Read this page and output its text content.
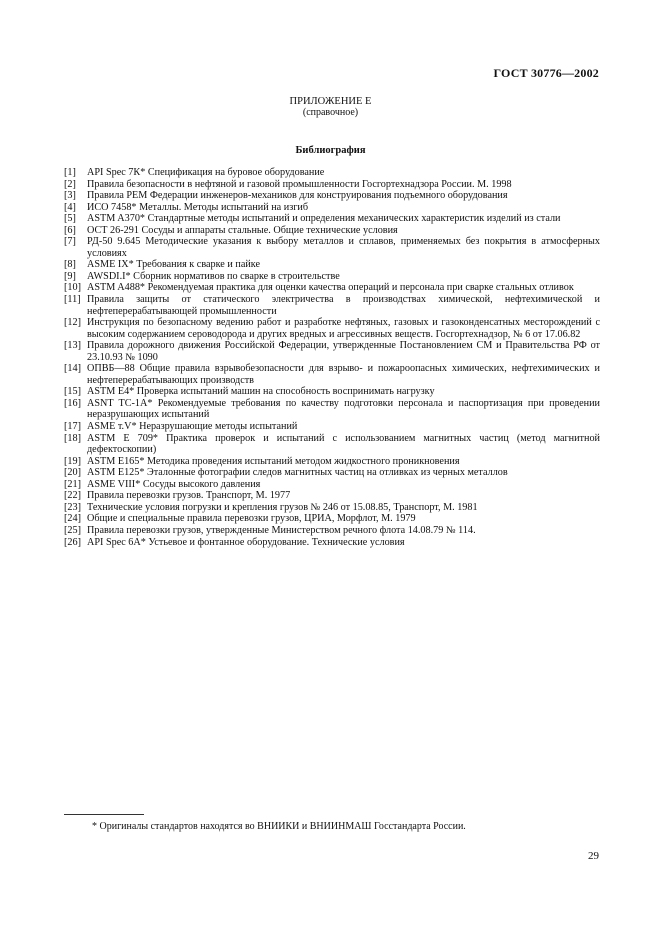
ГОСТ 30776—2002
ПРИЛОЖЕНИЕ Е
(справочное)
Библиография
[1]	API Spec 7К* Спецификация на буровое оборудование
[2]	Правила безопасности в нефтяной и газовой промышленности Госгортехнадзора России. М. 1998
[3]	Правила РЕМ Федерации инженеров-механиков для конструирования подъемного оборудования
[4]	ИСО 7458* Металлы. Методы испытаний на изгиб
[5]	ASTM A370* Стандартные методы испытаний и определения механических характеристик изделий из стали
[6]	ОСТ 26-291 Сосуды и аппараты стальные. Общие технические условия
[7]	РД-50 9.645 Методические указания к выбору металлов и сплавов, применяемых без покрытия в атмосферных условиях
[8]	ASME IX* Требования к сварке и пайке
[9]	AWSDI.I* Сборник нормативов по сварке в строительстве
[10] ASTM A488* Рекомендуемая практика для оценки качества операций и персонала при сварке стальных отливок
[11] Правила защиты от статического электричества в производствах химической, нефтехимической и нефтеперерабатывающей промышленности
[12] Инструкция по безопасному ведению работ и разработке нефтяных, газовых и газоконденсатных месторождений с высоким содержанием сероводорода и других вредных и агрессивных веществ. Госгортехнадзор, № 6 от 17.06.82
[13] Правила дорожного движения Российской Федерации, утвержденные Постановлением СМ и Правительства РФ от 23.10.93 № 1090
[14] ОПВБ—88 Общие правила взрывобезопасности для взрыво- и пожароопасных химических, нефтехимических и нефтеперерабатывающих производств
[15] ASTM E4* Проверка испытаний машин на способность воспринимать нагрузку
[16] ASNT TC-1A* Рекомендуемые требования по качеству подготовки персонала и паспортизация при проведении неразрушающих испытаний
[17] ASME т.V* Неразрушающие методы испытаний
[18] ASTM E 709* Практика проверок и испытаний с использованием магнитных частиц (метод магнитной дефектоскопии)
[19] ASTM E165* Методика проведения испытаний методом жидкостного проникновения
[20] ASTM E125* Эталонные фотографии следов магнитных частиц на отливках из черных металлов
[21] ASME VIII* Сосуды высокого давления
[22] Правила перевозки грузов. Транспорт, М. 1977
[23] Технические условия погрузки и крепления грузов № 246 от 15.08.85, Транспорт, М. 1981
[24] Общие и специальные правила перевозки грузов, ЦРИА, Морфлот, М. 1979
[25] Правила перевозки грузов, утвержденные Министерством речного флота 14.08.79 № 114.
[26] API Spec 6A* Устьевое и фонтанное оборудование. Технические условия
* Оригиналы стандартов находятся во ВНИИКИ и ВНИИНМАШ Госстандарта России.
29
